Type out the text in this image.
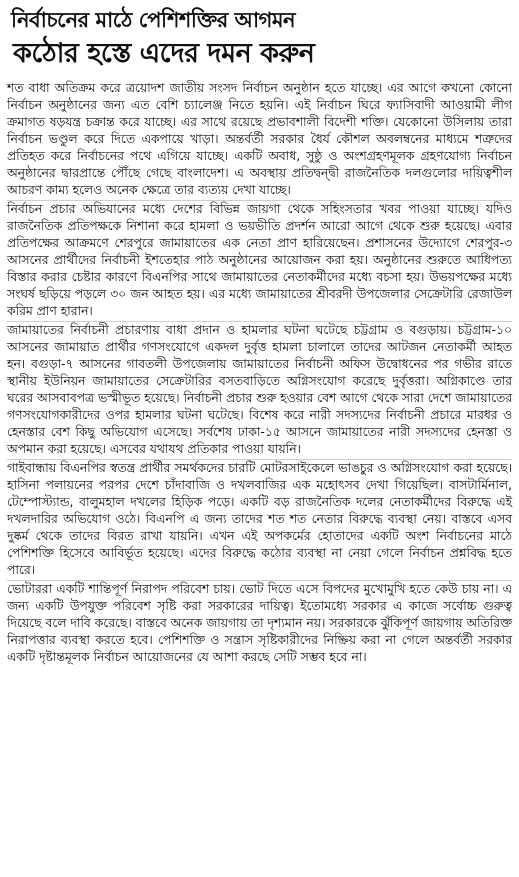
নির্বাচনের মাঠে পেশিশক্তির আগমন
কঠোর হস্তে এদের দমন করুন

শত বাধা অতিক্রম করে ত্রয়োদশ জাতীয় সংসদ নির্বাচন অনুষ্ঠান হতে যাচ্ছে। এর আগে কখনো কোনো নির্বাচন অনুষ্ঠানের জন্য এত বেশি চ্যালেঞ্জ নিতে হয়নি। এই নির্বাচন ঘিরে ফ্যাসিবাদী আওয়ামী লীগ ক্রমাগত ষড়যন্ত্র চক্রান্ত করে যাচ্ছে। এর সাথে রয়েছে প্রভাবশালী বিদেশী শক্তি। যেকোনো উসিলায় তারা নির্বাচন ভণ্ডুল করে দিতে একপায়ে খাড়া। অন্তর্বর্তী সরকার ধৈর্য কৌশল অবলম্বনের মাধ্যমে শত্রুদের প্রতিহত করে নির্বাচনের পথে এগিয়ে যাচ্ছে। একটি অবাধ, সুষ্ঠু ও অংশগ্রহণমূলক গ্রহণযোগ্য নির্বাচন অনুষ্ঠানের দ্বারপ্রান্তে পৌঁছে গেছে বাংলাদেশ। এ অবস্থায় প্রতিদ্বন্দ্বী রাজনৈতিক দলগুলোর দায়িত্বশীল আচরণ কাম্য হলেও অনেক ক্ষেত্রে তার ব্যত্যয় দেখা যাচ্ছে।

নির্বাচন প্রচার অভিযানের মধ্যে দেশের বিভিন্ন জায়গা থেকে সহিংসতার খবর পাওয়া যাচ্ছে। যদিও রাজনৈতিক প্রতিপক্ষকে নিশানা করে হামলা ও ভয়ভীতি প্রদর্শন আরো আগে থেকে শুরু হয়েছে। এবার প্রতিপক্ষের আক্রমণে শেরপুরে জামায়াতের এক নেতা প্রাণ হারিয়েছেন। প্রশাসনের উদ্যোগে শেরপুর-৩ আসনের প্রার্থীদের নির্বাচনী ইশতেহার পাঠ অনুষ্ঠানের আয়োজন করা হয়। অনুষ্ঠানের শুরুতে আধিপত্য বিস্তার করার চেষ্টার কারণে বিএনপির সাথে জামায়াতের নেতাকর্মীদের মধ্যে বচসা হয়। উভয়পক্ষের মধ্যে সংঘর্ষ ছড়িয়ে পড়লে ৩০ জন আহত হয়। এর মধ্যে জামায়াতের শ্রীবরদী উপজেলার সেক্রেটারি রেজাউল করিম প্রাণ হারান।

জামায়াতের নির্বাচনী প্রচারণায় বাধা প্রদান ও হামলার ঘটনা ঘটেছে চট্টগ্রাম ও বগুড়ায়। চট্টগ্রাম-১০ আসনের জামায়াত প্রার্থীর গণসংযোগে একদল দুর্বৃত্ত হামলা চালালে তাদের আটজন নেতাকর্মী আহত হন। বগুড়া-৭ আসনের গাবতলী উপজেলায় জামায়াতের নির্বাচনী অফিস উদ্বোধনের পর গভীর রাতে স্থানীয় ইউনিয়ন জামায়াতের সেক্রেটারির বসতবাড়িতে অগ্নিসংযোগ করেছে দুর্বৃত্তরা। অগ্নিকাণ্ডে তার ঘরের আসবাবপত্র ভস্মীভূত হয়েছে। নির্বাচনী প্রচার শুরু হওয়ার বেশ আগে থেকে সারা দেশে জামায়াতের গণসংযোগকারীদের ওপর হামলার ঘটনা ঘটেছে। বিশেষ করে নারী সদস্যদের নির্বাচনী প্রচারে মারধর ও হেনস্তার বেশ কিছু অভিযোগ এসেছে। সর্বশেষ ঢাকা-১৫ আসনে জামায়াতের নারী সদস্যদের হেনস্তা ও অপমান করা হয়েছে। এসবের যথাযথ প্রতিকার পাওয়া যায়নি।

গাইবান্ধায় বিএনপির স্বতন্ত্র প্রার্থীর সমর্থকদের চারটি মোটরসাইকেলে ভাঙচুর ও অগ্নিসংযোগ করা হয়েছে। হাসিনা পলায়নের পরপর দেশে চাঁদাবাজি ও দখলবাজির এক মহোৎসব দেখা গিয়েছিল। বাসটার্মিনাল, টেম্পোস্ট্যান্ড, বালুমহাল দখলের হিড়িক পড়ে। একটি বড় রাজনৈতিক দলের নেতাকর্মীদের বিরুদ্ধে এই দখলদারির অভিযোগ ওঠে। বিএনপি এ জন্য তাদের শত শত নেতার বিরুদ্ধে ব্যবস্থা নেয়। বাস্তবে এসব দুষ্কর্ম থেকে তাদের বিরত রাখা যায়নি। এখন এই অপকর্মের হোতাদের একটি অংশ নির্বাচনের মাঠে পেশিশক্তি হিসেবে আবির্ভূত হয়েছে। এদের বিরুদ্ধে কঠোর ব্যবস্থা না নেয়া গেলে নির্বাচন প্রশ্নবিদ্ধ হতে পারে।

ভোটাররা একটি শান্তিপূর্ণ নিরাপদ পরিবেশ চায়। ভোট দিতে এসে বিপদের মুখোমুখি হতে কেউ চায় না। এ জন্য একটি উপযুক্ত পরিবেশ সৃষ্টি করা সরকারের দায়িত্ব। ইতোমধ্যে সরকার এ কাজে সর্বোচ্চ গুরুত্ব দিয়েছে বলে দাবি করেছে। বাস্তবে অনেক জায়গায় তা দৃশ্যমান নয়। সরকারকে ঝুঁকিপূর্ণ জায়গায় অতিরিক্ত নিরাপত্তার ব্যবস্থা করতে হবে। পেশিশক্তি ও সন্ত্রাস সৃষ্টিকারীদের নিষ্ক্রিয় করা না গেলে অন্তর্বর্তী সরকার একটি দৃষ্টান্তমূলক নির্বাচন আয়োজনের যে আশা করছে সেটি সম্ভব হবে না।
